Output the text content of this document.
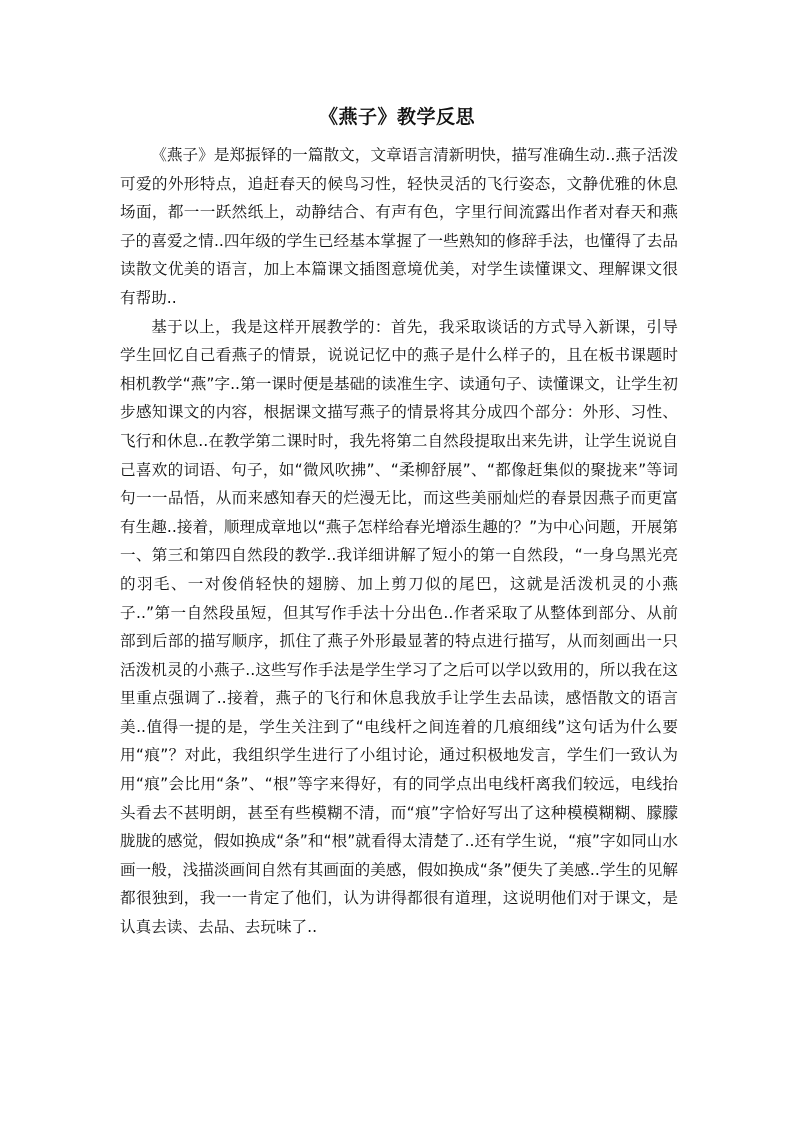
《燕子》教学反思

《燕子》是郑振铎的一篇散文，文章语言清新明快，描写准确生动..燕子活泼可爱的外形特点，追赶春天的候鸟习性，轻快灵活的飞行姿态，文静优雅的休息场面，都一一跃然纸上，动静结合、有声有色，字里行间流露出作者对春天和燕子的喜爱之情..四年级的学生已经基本掌握了一些熟知的修辞手法，也懂得了去品读散文优美的语言，加上本篇课文插图意境优美，对学生读懂课文、理解课文很有帮助..

基于以上，我是这样开展教学的：首先，我采取谈话的方式导入新课，引导学生回忆自己看燕子的情景，说说记忆中的燕子是什么样子的，且在板书课题时相机教学“燕”字..第一课时便是基础的读准生字、读通句子、读懂课文，让学生初步感知课文的内容，根据课文描写燕子的情景将其分成四个部分：外形、习性、飞行和休息..在教学第二课时时，我先将第二自然段提取出来先讲，让学生说说自己喜欢的词语、句子，如“微风吹拂”、“柔柳舒展”、“都像赶集似的聚拢来”等词句一一品悟，从而来感知春天的烂漫无比，而这些美丽灿烂的春景因燕子而更富有生趣..接着，顺理成章地以“燕子怎样给春光增添生趣的？”为中心问题，开展第一、第三和第四自然段的教学..我详细讲解了短小的第一自然段，“一身乌黑光亮的羽毛、一对俊俏轻快的翅膀、加上剪刀似的尾巴，这就是活泼机灵的小燕子..”第一自然段虽短，但其写作手法十分出色..作者采取了从整体到部分、从前部到后部的描写顺序，抓住了燕子外形最显著的特点进行描写，从而刻画出一只活泼机灵的小燕子..这些写作手法是学生学习了之后可以学以致用的，所以我在这里重点强调了..接着，燕子的飞行和休息我放手让学生去品读，感悟散文的语言美..值得一提的是，学生关注到了“电线杆之间连着的几痕细线”这句话为什么要用“痕”？对此，我组织学生进行了小组讨论，通过积极地发言，学生们一致认为用“痕”会比用“条”、“根”等字来得好，有的同学点出电线杆离我们较远，电线抬头看去不甚明朗，甚至有些模糊不清，而“痕”字恰好写出了这种模模糊糊、朦朦胧胧的感觉，假如换成“条”和“根”就看得太清楚了..还有学生说，“痕”字如同山水画一般，浅描淡画间自然有其画面的美感，假如换成“条”便失了美感..学生的见解都很独到，我一一肯定了他们，认为讲得都很有道理，这说明他们对于课文，是认真去读、去品、去玩味了..
